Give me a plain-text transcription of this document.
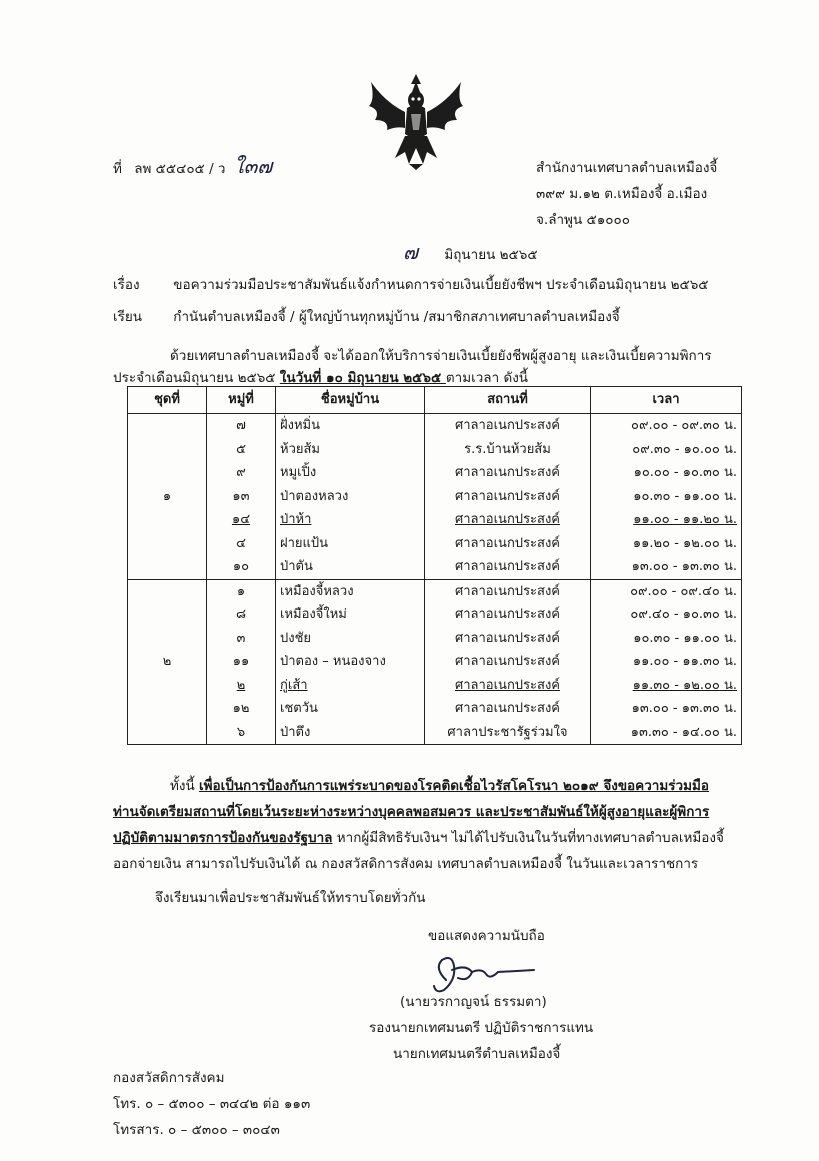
ที่ ลพ ๕๕๔๐๕ / ว ใ๓๗	สำนักงานเทศบาลตำบลเหมืองจี้
๓๙๙ ม.๑๒ ต.เหมืองจี้ อ.เมือง
จ.ลำพูน ๕๑๐๐๐
๗ มิถุนายน ๒๕๖๕
เรื่อง ขอความร่วมมือประชาสัมพันธ์แจ้งกำหนดการจ่ายเงินเบี้ยยังชีพฯ ประจำเดือนมิถุนายน ๒๕๖๕
เรียน กำนันตำบลเหมืองจี้ / ผู้ใหญ่บ้านทุกหมู่บ้าน /สมาชิกสภาเทศบาลตำบลเหมืองจี้
ด้วยเทศบาลตำบลเหมืองจี้ จะได้ออกให้บริการจ่ายเงินเบี้ยยังชีพผู้สูงอายุ และเงินเบี้ยความพิการ
ประจำเดือนมิถุนายน ๒๕๖๕ ในวันที่ ๑๐ มิถุนายน ๒๕๖๕ ตามเวลา ดังนี้
ชุดที่	หมู่ที่	ชื่อหมู่บ้าน	สถานที่	เวลา
๑	๗	ฝั่งหมิ่น	ศาลาอเนกประสงค์	๐๙.๐๐ - ๐๙.๓๐ น.
	๕	ห้วยส้ม	ร.ร.บ้านห้วยส้ม	๐๙.๓๐ - ๑๐.๐๐ น.
	๙	หมูเปิ้ง	ศาลาอเนกประสงค์	๑๐.๐๐ - ๑๐.๓๐ น.
	๑๓	ป่าตองหลวง	ศาลาอเนกประสงค์	๑๐.๓๐ - ๑๑.๐๐ น.
	๑๔	ป่าห้า	ศาลาอเนกประสงค์	๑๑.๐๐ - ๑๑.๒๐ น.
	๔	ฝายแป้น	ศาลาอเนกประสงค์	๑๑.๒๐ - ๑๒.๐๐ น.
	๑๐	ป่าตัน	ศาลาอเนกประสงค์	๑๓.๐๐ - ๑๓.๓๐ น.
๒	๑	เหมืองจี้หลวง	ศาลาอเนกประสงค์	๐๙.๐๐ - ๐๙.๔๐ น.
	๘	เหมืองจี้ใหม่	ศาลาอเนกประสงค์	๐๙.๔๐ - ๑๐.๓๐ น.
	๓	ปงชัย	ศาลาอเนกประสงค์	๑๐.๓๐ - ๑๑.๐๐ น.
	๑๑	ป่าตอง – หนองจาง	ศาลาอเนกประสงค์	๑๑.๐๐ - ๑๑.๓๐ น.
	๒	กู่เส้า	ศาลาอเนกประสงค์	๑๑.๓๐ - ๑๒.๐๐ น.
	๑๒	เชตวัน	ศาลาอเนกประสงค์	๑๓.๐๐ - ๑๓.๓๐ น.
	๖	ป่าตึง	ศาลาประชารัฐร่วมใจ	๑๓.๓๐ - ๑๔.๐๐ น.
ทั้งนี้ เพื่อเป็นการป้องกันการแพร่ระบาดของโรคติดเชื้อไวรัสโคโรนา ๒๐๑๙ จึงขอความร่วมมือ
ท่านจัดเตรียมสถานที่โดยเว้นระยะห่างระหว่างบุคคลพอสมควร และประชาสัมพันธ์ให้ผู้สูงอายุและผู้พิการ
ปฏิบัติตามมาตรการป้องกันของรัฐบาล หากผู้มีสิทธิรับเงินฯ ไม่ได้ไปรับเงินในวันที่ทางเทศบาลตำบลเหมืองจี้
ออกจ่ายเงิน สามารถไปรับเงินได้ ณ กองสวัสดิการสังคม เทศบาลตำบลเหมืองจี้ ในวันและเวลาราชการ
จึงเรียนมาเพื่อประชาสัมพันธ์ให้ทราบโดยทั่วกัน
ขอแสดงความนับถือ
(นายวรกาญจน์ ธรรมตา)
รองนายกเทศมนตรี ปฏิบัติราชการแทน
นายกเทศมนตรีตำบลเหมืองจี้
กองสวัสดิการสังคม
โทร. ๐ – ๕๓๐๐ – ๓๔๔๒ ต่อ ๑๑๓
โทรสาร. ๐ – ๕๓๐๐ – ๓๐๔๓
